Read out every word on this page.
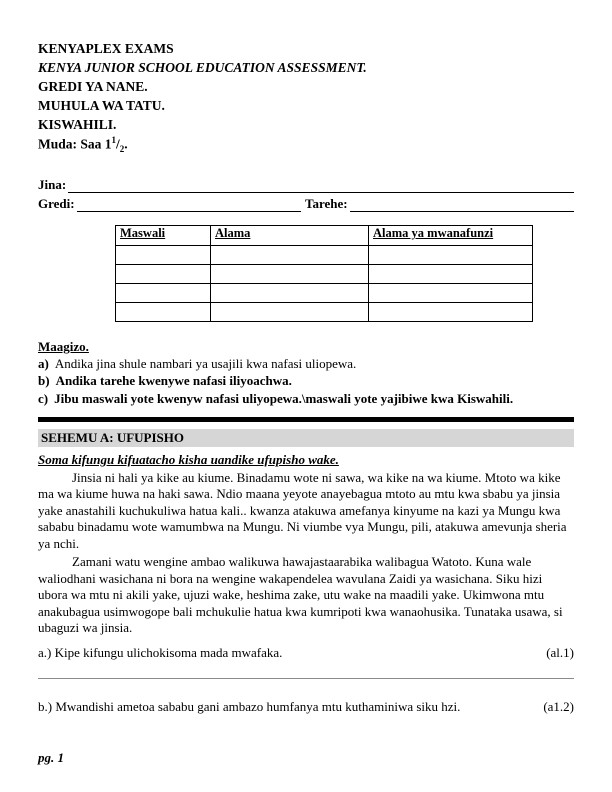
KENYAPLEX EXAMS
KENYA JUNIOR SCHOOL EDUCATION ASSESSMENT.
GREDI YA NANE.
MUHULA WA TATU.
KISWAHILI.
Muda: Saa $1^1/_2$.
Jina:
Gredi:	Tarehe:
Maswali	Alama	Alama ya mwanafunzi

Maagizo.
a) Andika jina shule nambari ya usajili kwa nafasi uliopewa.
b) Andika tarehe kwenywe nafasi iliyoachwa.
c) Jibu maswali yote kwenyw nafasi uliyopewa.\maswali yote yajibiwe kwa Kiswahili.
SEHEMU A: UFUPISHO
Soma kifungu kifuatacho kisha uandike ufupisho wake.

Jinsia ni hali ya kike au kiume. Binadamu wote ni sawa, wa kike na wa kiume. Mtoto wa kike ma wa kiume huwa na haki sawa. Ndio maana yeyote anayebagua mtoto au mtu kwa sbabu ya jinsia yake anastahili kuchukuliwa hatua kali.. kwanza atakuwa amefanya kinyume na kazi ya Mungu kwa sababu binadamu wote wamumbwa na Mungu. Ni viumbe vya Mungu, pili, atakuwa amevunja sheria ya nchi.

Zamani watu wengine ambao walikuwa hawajastaarabika walibagua Watoto. Kuna wale waliodhani wasichana ni bora na wengine wakapendelea wavulana Zaidi ya wasichana. Siku hizi ubora wa mtu ni akili yake, ujuzi wake, heshima zake, utu wake na maadili yake. Ukimwona mtu anakubagua usimwogope bali mchukulie hatua kwa kumripoti kwa wanaohusika. Tunataka usawa, si ubaguzi wa jinsia.

a.) Kipe kifungu ulichokisoma mada mwafaka.	(al.1)
b.) Mwandishi ametoa sababu gani ambazo humfanya mtu kuthaminiwa siku hzi.	(a1.2)
pg. 1
